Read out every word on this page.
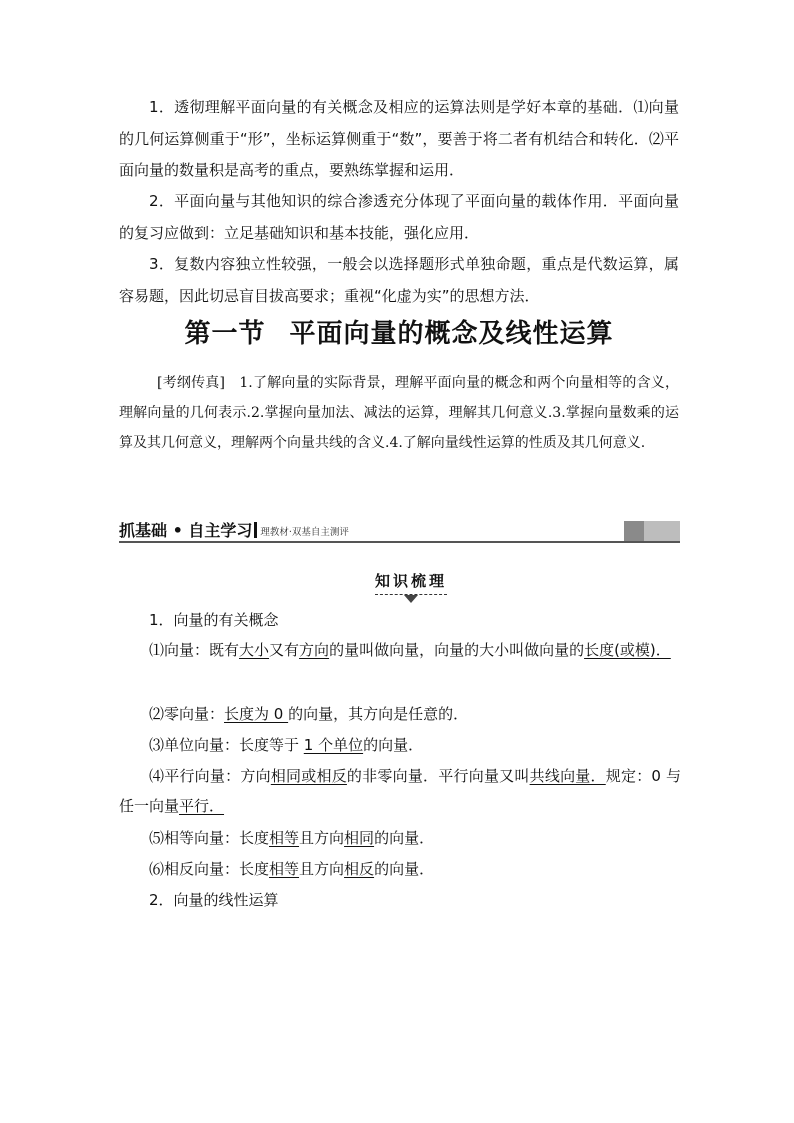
1．透彻理解平面向量的有关概念及相应的运算法则是学好本章的基础．⑴向量的几何运算侧重于“形”，坐标运算侧重于“数”，要善于将二者有机结合和转化．⑵平面向量的数量积是高考的重点，要熟练掌握和运用．

2．平面向量与其他知识的综合渗透充分体现了平面向量的载体作用．平面向量的复习应做到：立足基础知识和基本技能，强化应用．

3．复数内容独立性较强，一般会以选择题形式单独命题，重点是代数运算，属容易题，因此切忌盲目拔高要求；重视“化虚为实”的思想方法．

第一节 平面向量的概念及线性运算

[考纲传真]　 1.了解向量的实际背景，理解平面向量的概念和两个向量相等的含义，理解向量的几何表示.2.掌握向量加法、减法的运算，理解其几何意义.3.掌握向量数乘的运算及其几何意义，理解两个向量共线的含义.4.了解向量线性运算的性质及其几何意义.

抓基础 • 自主学习 理教材·双基自主测评
知识梳理

1．向量的有关概念

⑴向量：既有大小又有方向的量叫做向量，向量的大小叫做向量的长度(或模)．

⑵零向量：长度为 0 的向量，其方向是任意的．

⑶单位向量：长度等于 1 个单位的向量．

⑷平行向量：方向相同或相反的非零向量．平行向量又叫共线向量．规定：0 与任一向量平行．

⑸相等向量：长度相等且方向相同的向量．

⑹相反向量：长度相等且方向相反的向量．

2．向量的线性运算
